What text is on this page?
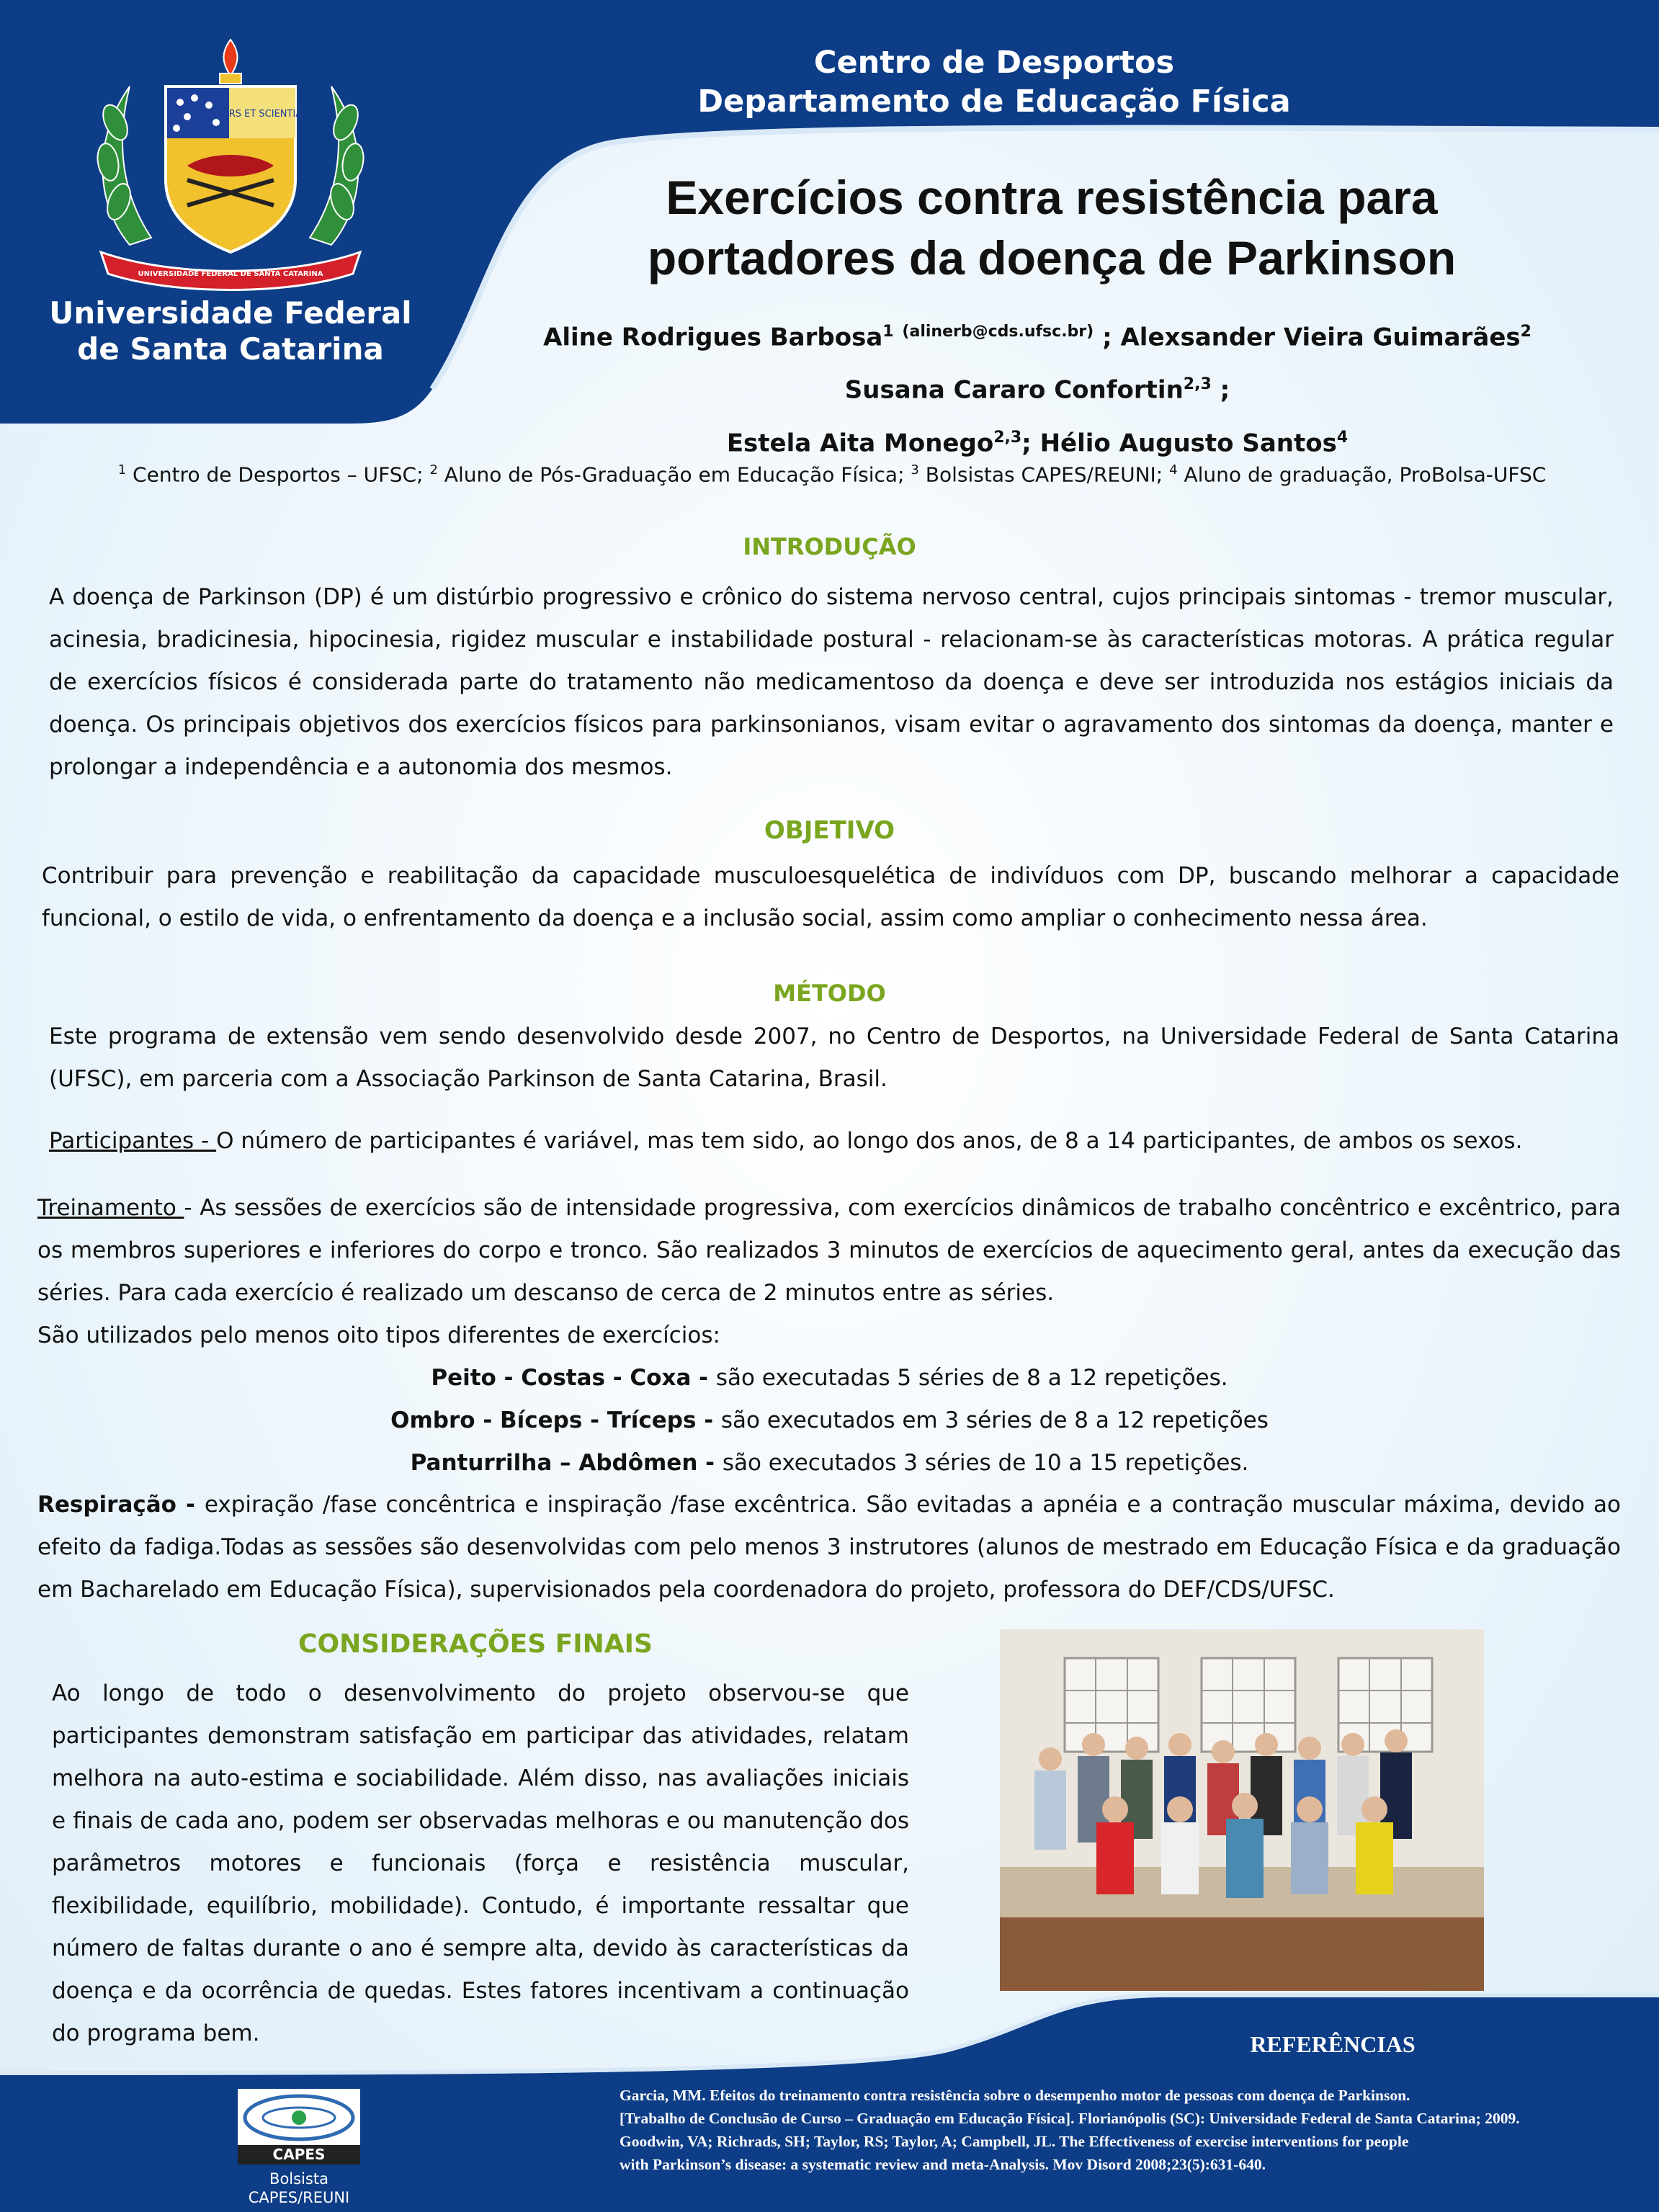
ARS ET SCIENTIA
UNIVERSIDADE FEDERAL DE SANTA CATARINA
Universidade Federal
de Santa Catarina
Centro de Desportos
Departamento de Educação Física
Exercícios contra resistência para
portadores da doença de Parkinson
Aline Rodrigues Barbosa$^1$ $^{(alinerb@cds.ufsc.br)}$ ; Alexsander Vieira Guimarães$^2$
Susana Cararo Confortin$^{2,3}$ ;
Estela Aita Monego$^{2,3}$; Hélio Augusto Santos$^4$
$^1$ Centro de Desportos – UFSC; $^2$ Aluno de Pós-Graduação em Educação Física; $^3$ Bolsistas CAPES/REUNI; $^4$ Aluno de graduação, ProBolsa-UFSC
INTRODUÇÃO
A doença de Parkinson (DP) é um distúrbio progressivo e crônico do sistema nervoso central, cujos principais sintomas - tremor muscular, acinesia, bradicinesia, hipocinesia, rigidez muscular e instabilidade postural - relacionam-se às características motoras. A prática regular de exercícios físicos é considerada parte do tratamento não medicamentoso da doença e deve ser introduzida nos estágios iniciais da doença. Os principais objetivos dos exercícios físicos para parkinsonianos, visam evitar o agravamento dos sintomas da doença, manter e prolongar a independência e a autonomia dos mesmos.
OBJETIVO
Contribuir para prevenção e reabilitação da capacidade musculoesquelética de indivíduos com DP, buscando melhorar a capacidade funcional, o estilo de vida, o enfrentamento da doença e a inclusão social, assim como ampliar o conhecimento nessa área.
MÉTODO
Este programa de extensão vem sendo desenvolvido desde 2007, no Centro de Desportos, na Universidade Federal de Santa Catarina (UFSC), em parceria com a Associação Parkinson de Santa Catarina, Brasil.
Participantes - O número de participantes é variável, mas tem sido, ao longo dos anos, de 8 a 14 participantes, de ambos os sexos.
Treinamento - As sessões de exercícios são de intensidade progressiva, com exercícios dinâmicos de trabalho concêntrico e excêntrico, para os membros superiores e inferiores do corpo e tronco. São realizados 3 minutos de exercícios de aquecimento geral, antes da execução das séries. Para cada exercício é realizado um descanso de cerca de 2 minutos entre as séries.
São utilizados pelo menos oito tipos diferentes de exercícios:
Peito - Costas - Coxa - são executadas 5 séries de 8 a 12 repetições.
Ombro - Bíceps - Tríceps - são executados em 3 séries de 8 a 12 repetições
Panturrilha – Abdômen - são executados 3 séries de 10 a 15 repetições.
Respiração - expiração /fase concêntrica e inspiração /fase excêntrica. São evitadas a apnéia e a contração muscular máxima, devido ao efeito da fadiga.Todas as sessões são desenvolvidas com pelo menos 3 instrutores (alunos de mestrado em Educação Física e da graduação em Bacharelado em Educação Física), supervisionados pela coordenadora do projeto, professora do DEF/CDS/UFSC.
CONSIDERAÇÕES FINAIS
Ao longo de todo o desenvolvimento do projeto observou-se que participantes demonstram satisfação em participar das atividades, relatam melhora na auto-estima e sociabilidade. Além disso, nas avaliações iniciais e finais de cada ano, podem ser observadas melhoras e ou manutenção dos parâmetros motores e funcionais (força e resistência muscular, flexibilidade, equilíbrio, mobilidade). Contudo, é importante ressaltar que número de faltas durante o ano é sempre alta, devido às características da doença e da ocorrência de quedas. Estes fatores incentivam a continuação do programa bem.	REFERÊNCIAS
Garcia, MM. Efeitos do treinamento contra resistência sobre o desempenho motor de pessoas com doença de Parkinson.
[Trabalho de Conclusão de Curso – Graduação em Educação Física]. Florianópolis (SC): Universidade Federal de Santa Catarina; 2009.
Goodwin, VA; Richrads, SH; Taylor, RS; Taylor, A; Campbell, JL. The Effectiveness of exercise interventions for people
with Parkinson’s disease: a systematic review and meta-Analysis. Mov Disord 2008;23(5):631-640.
CAPES
Bolsista
CAPES/REUNI
